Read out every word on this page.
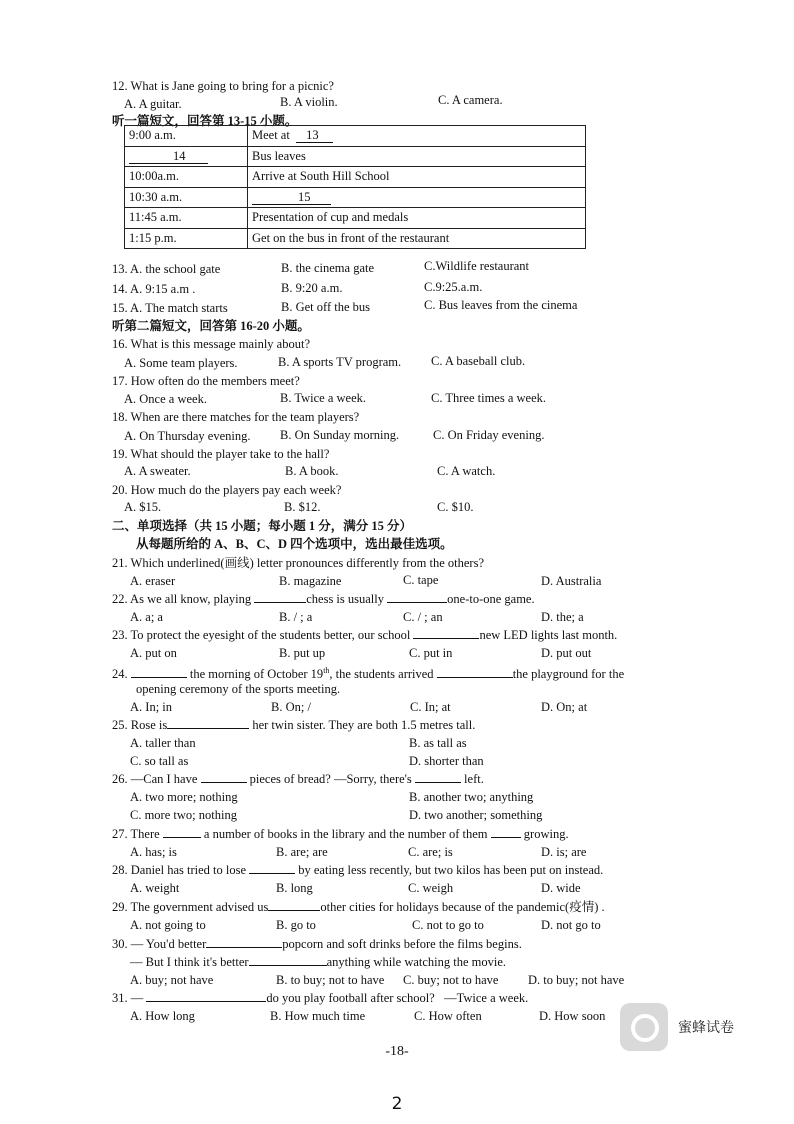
12. What is Jane going to bring for a picnic?
A. A guitar.	B. A violin.	C. A camera.
听一篇短文，回答第 13-15 小题。
9:00 a.m.	Meet at 13
14	Bus leaves
10:00a.m.	Arrive at South Hill School
10:30 a.m.	15
11:45 a.m.	Presentation of cup and medals
1:15 p.m.	Get on the bus in front of the restaurant
13. A. the school gate	B. the cinema gate	C.Wildlife restaurant
14. A. 9:15 a.m .	B. 9:20 a.m.	C.9:25.a.m.
15. A. The match starts	B. Get off the bus	C. Bus leaves from the cinema
听第二篇短文，回答第 16-20 小题。
16. What is this message mainly about?
A. Some team players.	B. A sports TV program. C. A baseball club.
17. How often do the members meet?
A. Once a week.	B. Twice a week.	C. Three times a week.
18. When are there matches for the team players?
A. On Thursday evening. B. On Sunday morning.	C. On Friday evening.
19. What should the player take to the hall?
A. A sweater.	B. A book.	C. A watch.
20. How much do the players pay each week?
A. $15.	B. $12.	C. $10.
二、单项选择（共 15 小题；每小题 1 分，满分 15 分）
从每题所给的 A、B、C、D 四个选项中，选出最佳选项。
21. Which underlined(画线) letter pronounces differently from the others?
A. eraser	B. magazine	C. tape	D. Australia
22. As we all know, playing	chess is usually	one-to-one game.
A. a; a	B. / ; a	C. / ; an	D. the; a
23. To protect the eyesight of the students better, our school	new LED lights last month.
A. put on	B. put up	C. put in	D. put out
24.	the morning of October 19th, the students arrived	the playground for the
opening ceremony of the sports meeting.
A. In; in	B. On; /	C. In; at	D. On; at
25. Rose is	her twin sister. They are both 1.5 metres tall.
A. taller than	B. as tall as
C. so tall as	D. shorter than
26. —Can I have	pieces of bread? —Sorry, there's	left.
A. two more; nothing	B. another two; anything
C. more two; nothing	D. two another; something
27. There	a number of books in the library and the number of them	growing.
A. has; is	B. are; are	C. are; is	D. is; are
28. Daniel has tried to lose	by eating less recently, but two kilos has been put on instead.
A. weight	B. long	C. weigh	D. wide
29. The government advised us	other cities for holidays because of the pandemic(疫情) .
A. not going to	B. go to	C. not to go to	D. not go to
30. — You'd better	popcorn and soft drinks before the films begins.
— But I think it's better	anything while watching the movie.
A. buy; not have	B. to buy; not to have C. buy; not to have D. to buy; not have
31. —	do you play football after school? —Twice a week.
A. How long	B. How much time	C. How often	D. How soon
蜜蜂试卷
-18-
2
